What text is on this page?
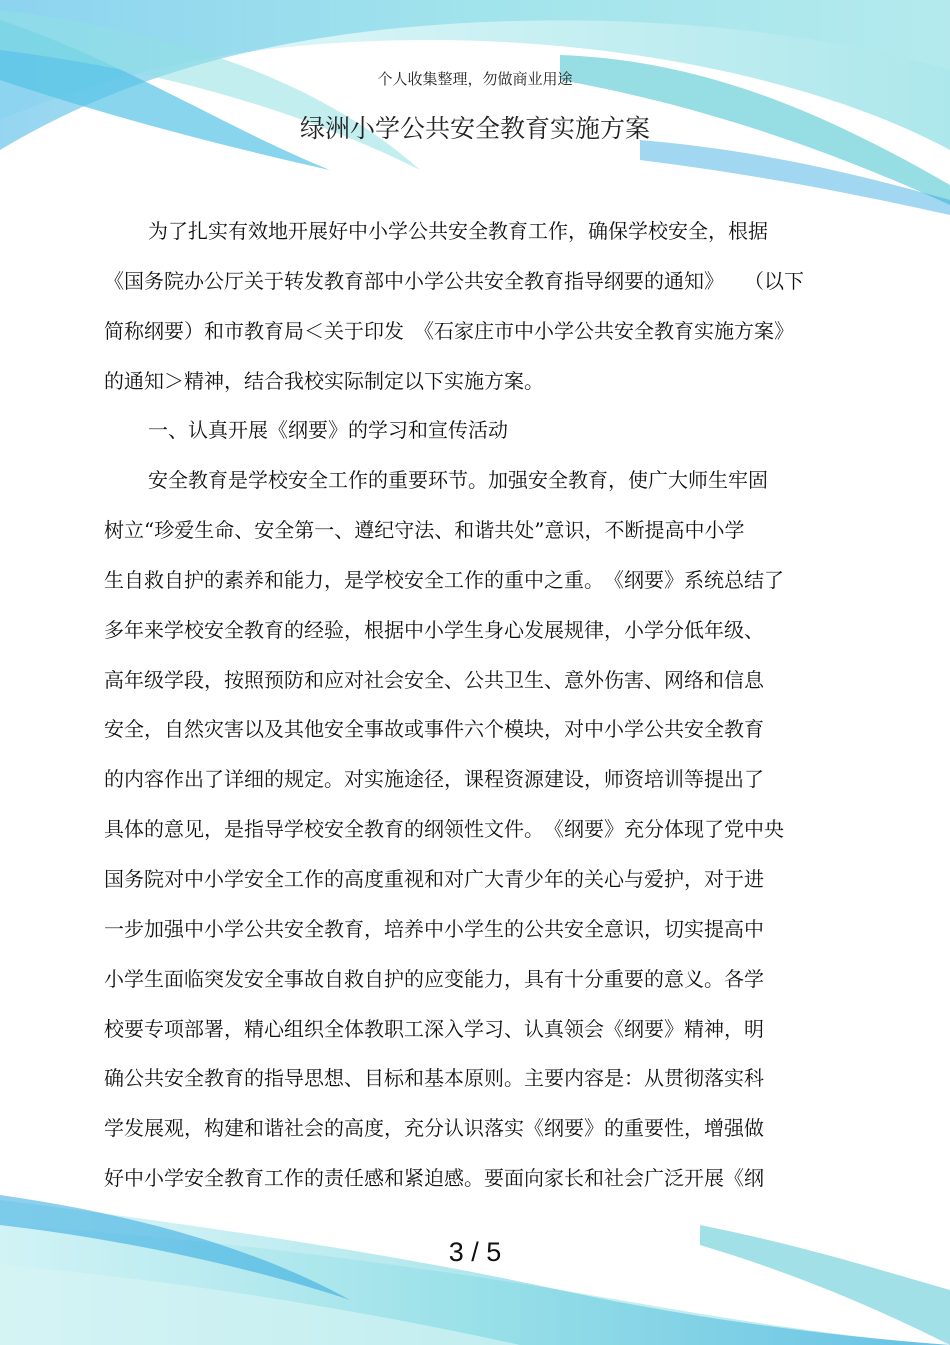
个人收集整理，勿做商业用途
绿洲小学公共安全教育实施方案
为了扎实有效地开展好中小学公共安全教育工作，确保学校安全，根据
《国务院办公厅关于转发教育部中小学公共安全教育指导纲要的通知》　　（以下
简称纲要）和市教育局＜关于印发　《石家庄市中小学公共安全教育实施方案》
的通知＞精神，结合我校实际制定以下实施方案。
一、认真开展《纲要》的学习和宣传活动
安全教育是学校安全工作的重要环节。加强安全教育，使广大师生牢固
树立“珍爱生命、安全第一、遵纪守法、和谐共处”意识，不断提高中小学
生自救自护的素养和能力，是学校安全工作的重中之重。　《纲要》系统总结了
多年来学校安全教育的经验，根据中小学生身心发展规律，小学分低年级、
高年级学段，按照预防和应对社会安全、公共卫生、意外伤害、网络和信息
安全，自然灾害以及其他安全事故或事件六个模块，对中小学公共安全教育
的内容作出了详细的规定。对实施途径，课程资源建设，师资培训等提出了
具体的意见，是指导学校安全教育的纲领性文件。　《纲要》充分体现了党中央
国务院对中小学安全工作的高度重视和对广大青少年的关心与爱护，对于进
一步加强中小学公共安全教育，培养中小学生的公共安全意识，切实提高中
小学生面临突发安全事故自救自护的应变能力，具有十分重要的意义。各学
校要专项部署，精心组织全体教职工深入学习、认真领会《纲要》精神，明
确公共安全教育的指导思想、目标和基本原则。主要内容是：从贯彻落实科
学发展观，构建和谐社会的高度，充分认识落实《纲要》的重要性，增强做
好中小学安全教育工作的责任感和紧迫感。要面向家长和社会广泛开展《纲
3 / 5
